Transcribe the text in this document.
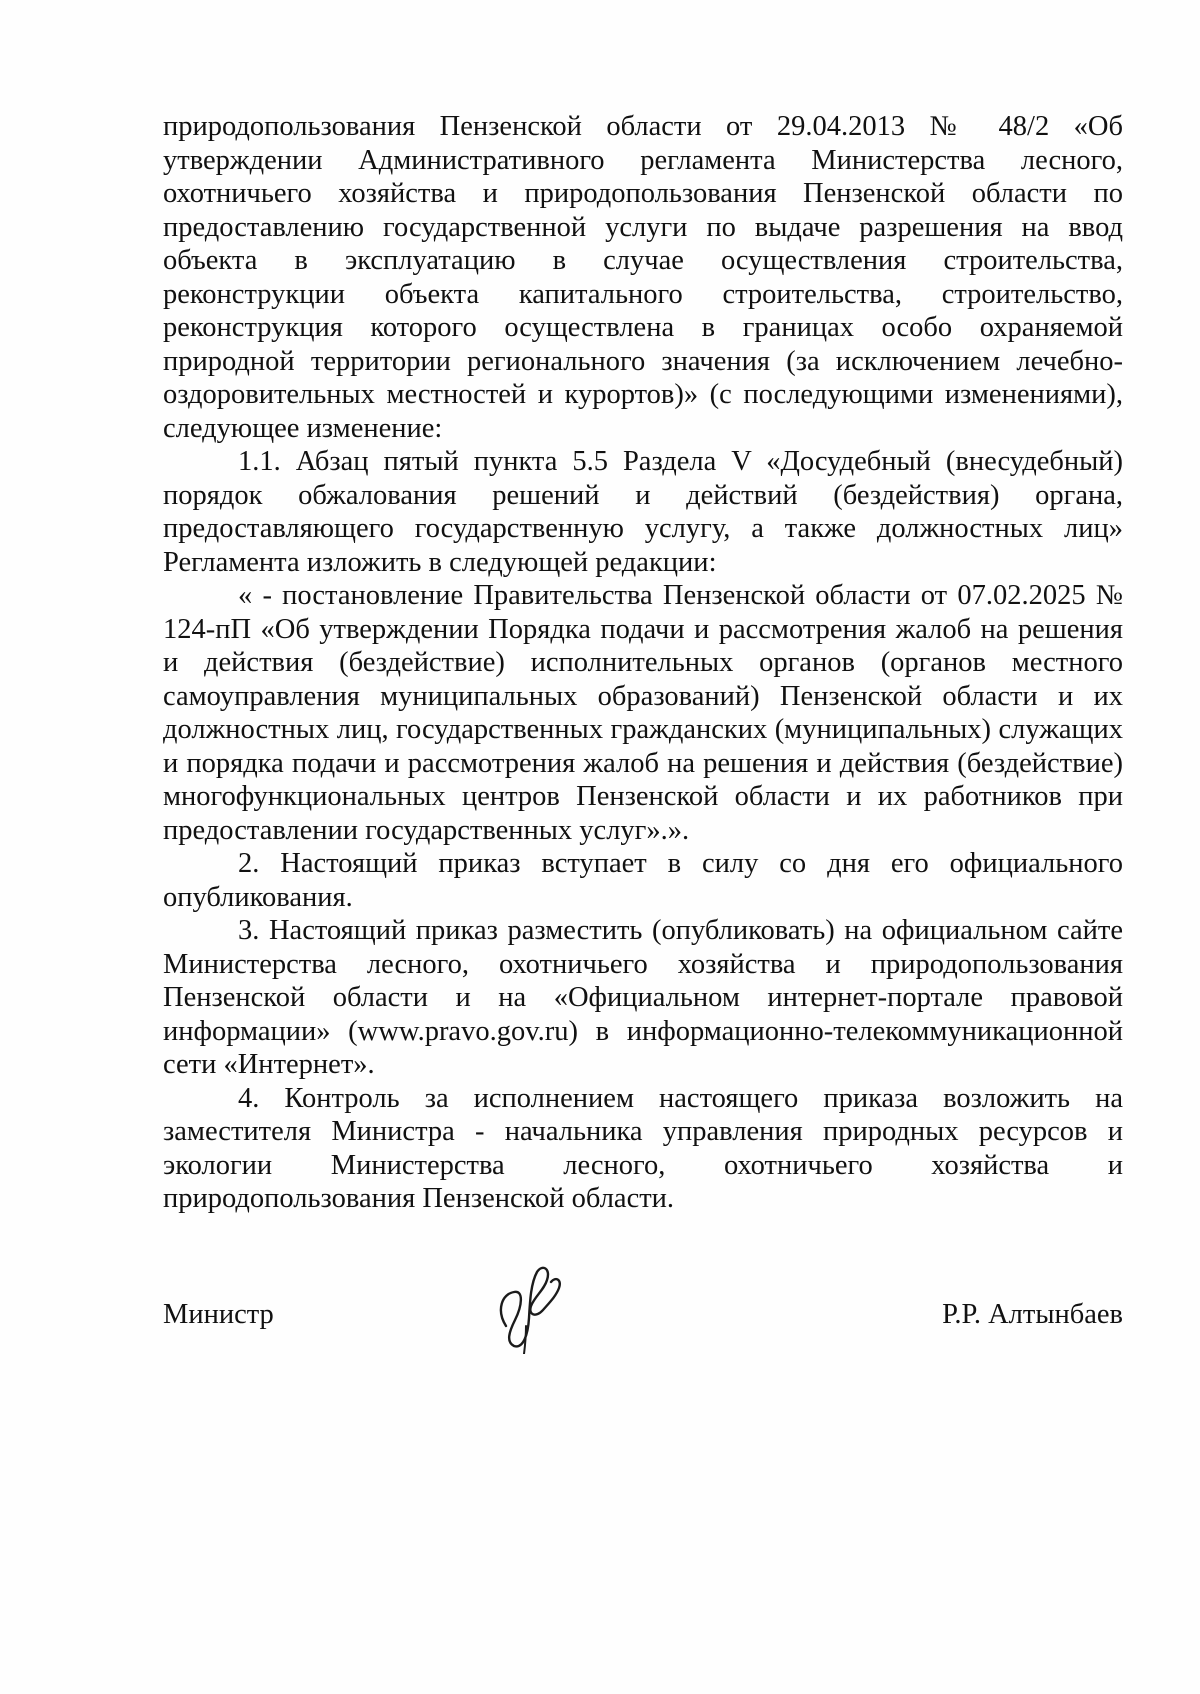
природопользования Пензенской области от 29.04.2013 № 48/2 «Об утверждении Административного регламента Министерства лесного, охотничьего хозяйства и природопользования Пензенской области по предоставлению государственной услуги по выдаче разрешения на ввод объекта в эксплуатацию в случае осуществления строительства, реконструкции объекта капитального строительства, строительство, реконструкция которого осуществлена в границах особо охраняемой природной территории регионального значения (за исключением лечебно-оздоровительных местностей и курортов)» (с последующими изменениями), следующее изменение:

1.1. Абзац пятый пункта 5.5 Раздела V «Досудебный (внесудебный) порядок обжалования решений и действий (бездействия) органа, предоставляющего государственную услугу, а также должностных лиц» Регламента изложить в следующей редакции:

« - постановление Правительства Пензенской области от 07.02.2025 № 124-пП «Об утверждении Порядка подачи и рассмотрения жалоб на решения и действия (бездействие) исполнительных органов (органов местного самоуправления муниципальных образований) Пензенской области и их должностных лиц, государственных гражданских (муниципальных) служащих и порядка подачи и рассмотрения жалоб на решения и действия (бездействие) многофункциональных центров Пензенской области и их работников при предоставлении государственных услуг».».

2. Настоящий приказ вступает в силу со дня его официального опубликования.

3. Настоящий приказ разместить (опубликовать) на официальном сайте Министерства лесного, охотничьего хозяйства и природопользования Пензенской области и на «Официальном интернет-портале правовой информации» (www.pravo.gov.ru) в информационно-телекоммуникационной сети «Интернет».

4. Контроль за исполнением настоящего приказа возложить на заместителя Министра - начальника управления природных ресурсов и экологии Министерства лесного, охотничьего хозяйства и природопользования Пензенской области.

Министр	Р.Р. Алтынбаев
